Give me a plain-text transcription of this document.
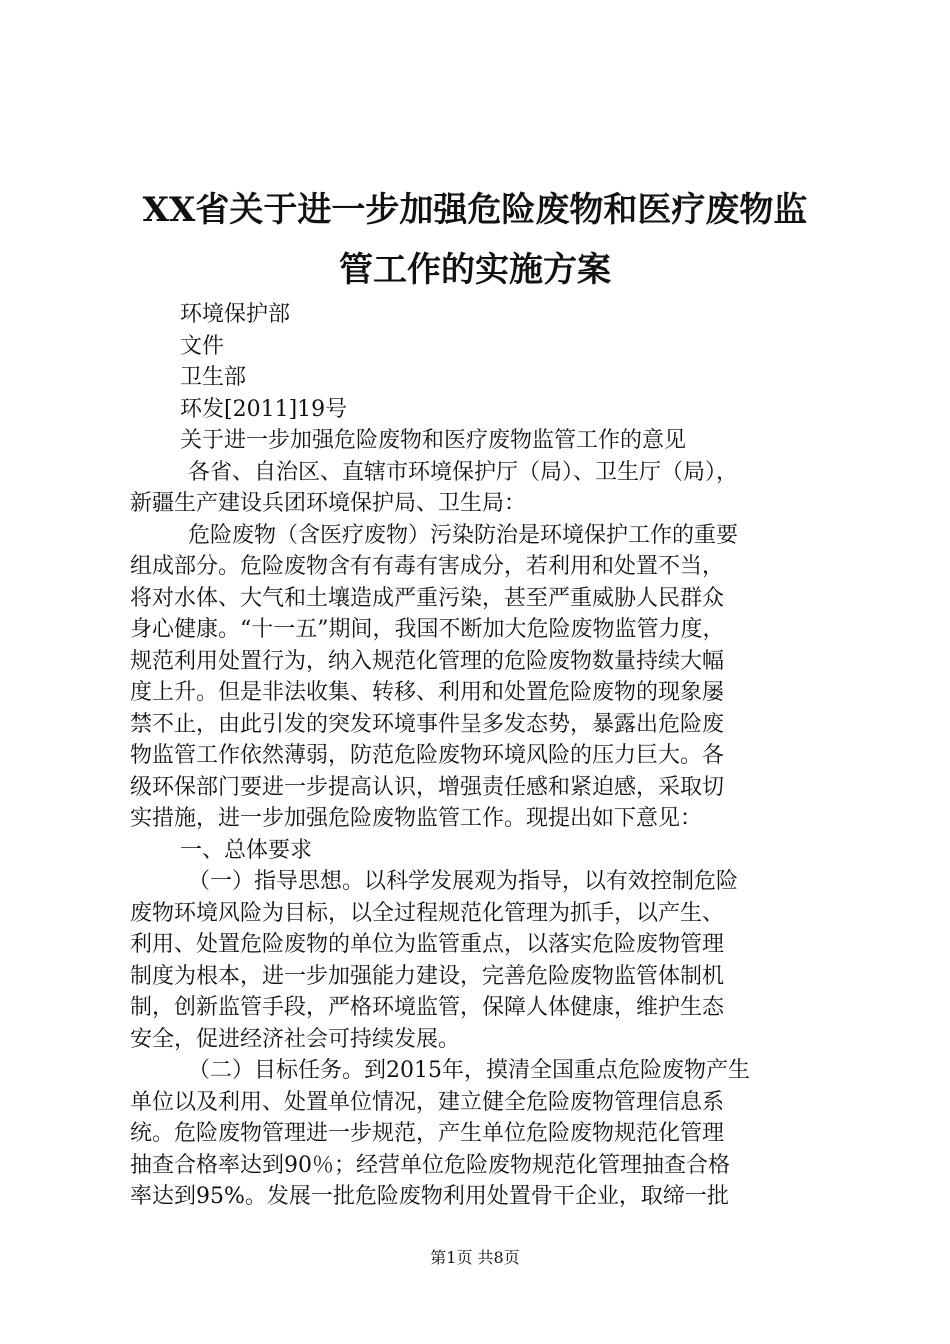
XX省关于进一步加强危险废物和医疗废物监
管工作的实施方案
环境保护部
文件
卫生部
环发[2011]19号
关于进一步加强危险废物和医疗废物监管工作的意见
各省、自治区、直辖市环境保护厅（局）、卫生厅（局），
新疆生产建设兵团环境保护局、卫生局：
危险废物（含医疗废物）污染防治是环境保护工作的重要
组成部分。危险废物含有有毒有害成分，若利用和处置不当，
将对水体、大气和土壤造成严重污染，甚至严重威胁人民群众
身心健康。“十一五”期间，我国不断加大危险废物监管力度，
规范利用处置行为，纳入规范化管理的危险废物数量持续大幅
度上升。但是非法收集、转移、利用和处置危险废物的现象屡
禁不止，由此引发的突发环境事件呈多发态势，暴露出危险废
物监管工作依然薄弱，防范危险废物环境风险的压力巨大。各
级环保部门要进一步提高认识，增强责任感和紧迫感，采取切
实措施，进一步加强危险废物监管工作。现提出如下意见：
一、总体要求
（一）指导思想。以科学发展观为指导，以有效控制危险
废物环境风险为目标，以全过程规范化管理为抓手，以产生、
利用、处置危险废物的单位为监管重点，以落实危险废物管理
制度为根本，进一步加强能力建设，完善危险废物监管体制机
制，创新监管手段，严格环境监管，保障人体健康，维护生态
安全，促进经济社会可持续发展。
（二）目标任务。到2015年，摸清全国重点危险废物产生
单位以及利用、处置单位情况，建立健全危险废物管理信息系
统。危险废物管理进一步规范，产生单位危险废物规范化管理
抽查合格率达到90％；经营单位危险废物规范化管理抽查合格
率达到95%。发展一批危险废物利用处置骨干企业，取缔一批
第1页 共8页
